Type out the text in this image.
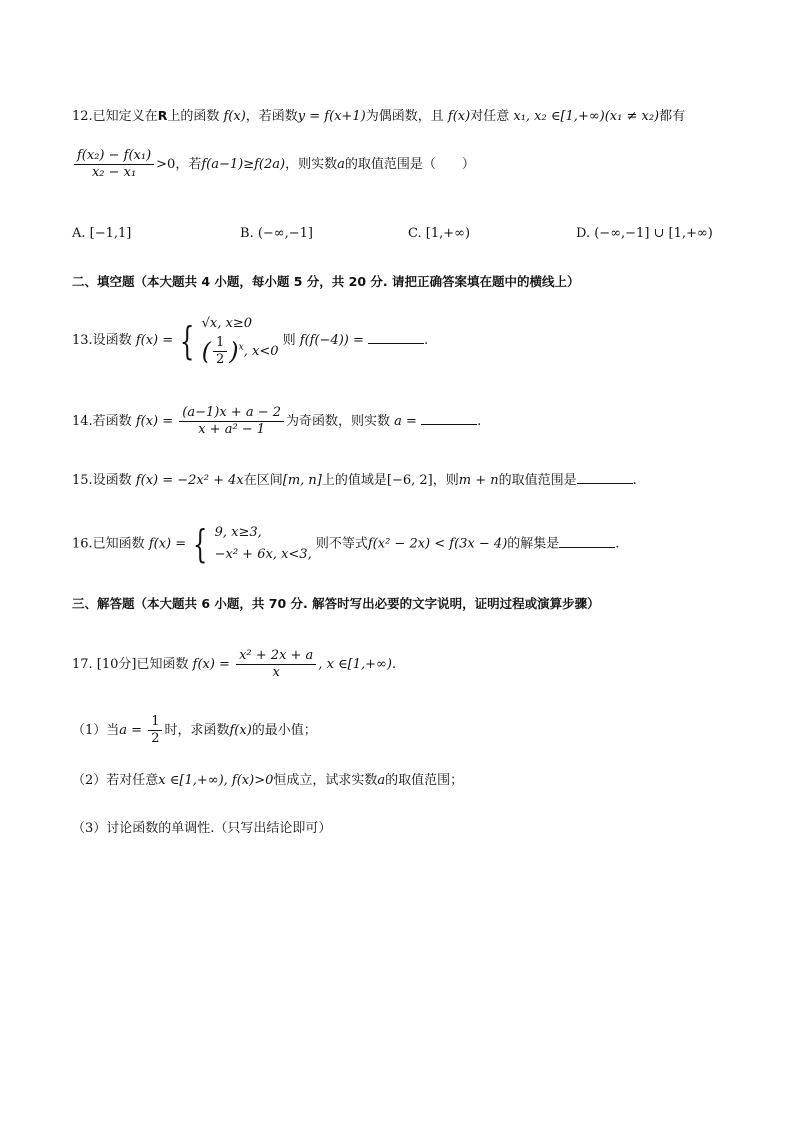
12.已知定义在R上的函数 f(x)，若函数y = f(x+1)为偶函数，且 f(x)对任意 x₁, x₂ ∈[1,+∞)(x₁ ≠ x₂)都有
$\frac{\text{f(x₂) − f(x₁)}}{\text{x₂ − x₁}} >0$，若f(a−1)≥f(2a)，则实数a的取值范围是（　　）
A. [−1,1]	B. (−∞,−1]	C. [1,+∞)	D. (−∞,−1] ∪ [1,+∞)
二、填空题（本大题共 4 小题，每小题 5 分，共 20 分. 请把正确答案填在题中的横线上）
13.设函数 f(x) = { √x, x≥0
( $\frac{1}{2} )^x$, x<0
则 f(f(−4)) =	.
14.若函数 $f(x) = \frac{(a-1)x + a - 2}{\text{x + a² − 1}}$ 为奇函数，则实数 a =	.
15.设函数 f(x) = −2x² + 4x在区间[m, n]上的值域是[−6, 2]，则m + n的取值范围是	.
16.已知函数 f(x) = { 9, x≥3,
−x² + 6x, x<3,
则不等式f(x² − 2x) < f(3x − 4)的解集是	.
三、解答题（本大题共 6 小题，共 70 分. 解答时写出必要的文字说明，证明过程或演算步骤）
17. [10分]已知函数 $f(x) = \frac{\text{x² + 2x + a}}{x}$ , x ∈[1,+∞).
（1）当$a = \frac{1}{2}$ 时，求函数f(x)的最小值；
（2）若对任意x ∈[1,+∞), f(x)>0恒成立，试求实数a的取值范围；
（3）讨论函数的单调性.（只写出结论即可）
